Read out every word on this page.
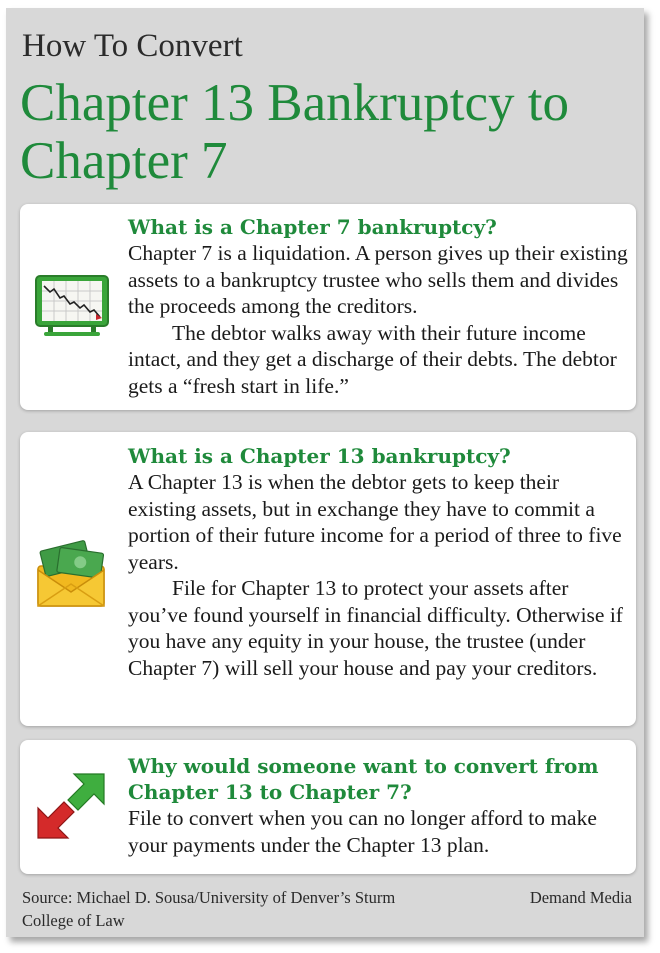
How To Convert
Chapter 13 Bankruptcy to Chapter 7
What is a Chapter 7 bankruptcy?

Chapter 7 is a liquidation. A person gives up their existing assets to a bankruptcy trustee who sells them and divides the proceeds among the creditors.

The debtor walks away with their future income intact, and they get a discharge of their debts. The debtor gets a “fresh start in life.”

What is a Chapter 13 bankruptcy?

A Chapter 13 is when the debtor gets to keep their existing assets, but in exchange they have to commit a portion of their future income for a period of three to five years.

File for Chapter 13 to protect your assets after you’ve found yourself in financial difficulty. Otherwise if you have any equity in your house, the trustee (under Chapter 7) will sell your house and pay your creditors.

Why would someone want to convert from Chapter 13 to Chapter 7?

File to convert when you can no longer afford to make your payments under the Chapter 13 plan.

Source: Michael D. Sousa/University of Denver’s Sturm College of Law
Demand Media
